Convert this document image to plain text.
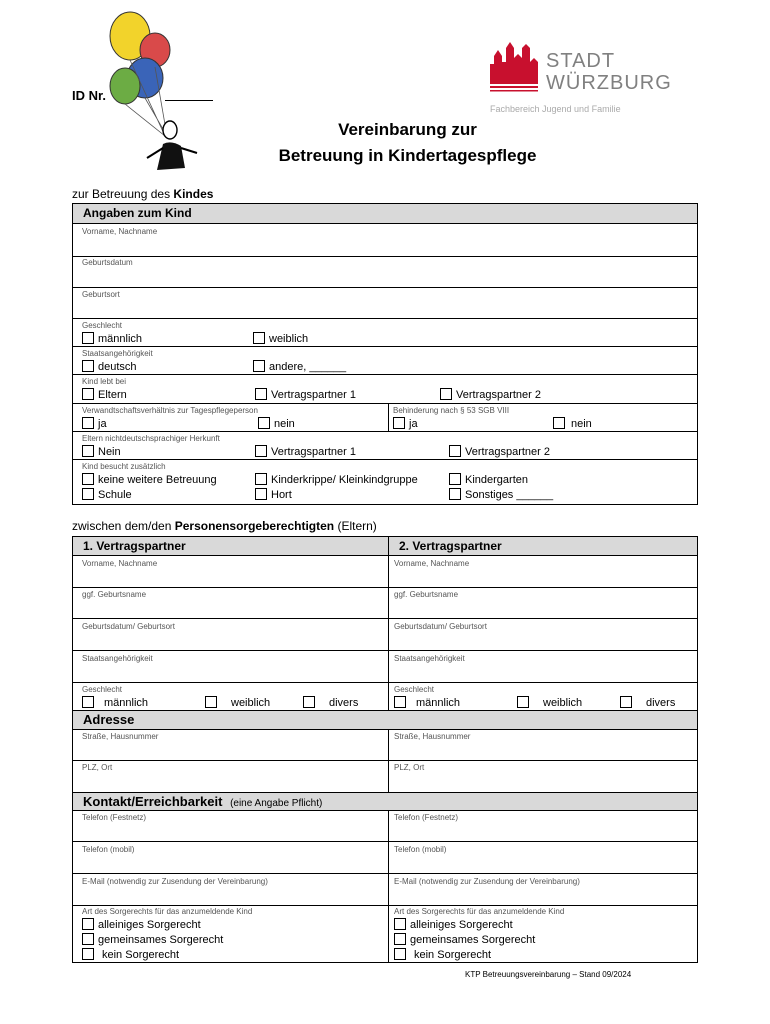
ID Nr.
STADT
WÜRZBURG
Fachbereich Jugend und Familie
Vereinbarung zur
Betreuung in Kindertagespflege
zur Betreuung des Kindes
Angaben zum Kind
Vorname, Nachname
Geburtsdatum
Geburtsort
Geschlecht
männlich	weiblich
Staatsangehörigkeit
deutsch	andere, ______
Kind lebt bei
Eltern	Vertragspartner 1	Vertragspartner 2
Verwandtschaftsverhältnis zur Tagespflegeperson	Behinderung nach § 53 SGB VIII
ja	nein	ja	nein
Eltern nichtdeutschsprachiger Herkunft
Nein	Vertragspartner 1	Vertragspartner 2
Kind besucht zusätzlich
keine weitere Betreuung	Kinderkrippe/ Kleinkindgruppe	Kindergarten
Schule	Hort	Sonstiges ______
zwischen dem/den Personensorgeberechtigten (Eltern)
1. Vertragspartner	2. Vertragspartner
Vorname, Nachname	Vorname, Nachname
ggf. Geburtsname	ggf. Geburtsname
Geburtsdatum/ Geburtsort	Geburtsdatum/ Geburtsort
Staatsangehörigkeit	Staatsangehörigkeit
Geschlecht	Geschlecht
männlich	weiblich	divers	männlich	weiblich	divers
Adresse
Straße, Hausnummer	Straße, Hausnummer
PLZ, Ort	PLZ, Ort
Kontakt/Erreichbarkeit (eine Angabe Pflicht)
Telefon (Festnetz)	Telefon (Festnetz)
Telefon (mobil)	Telefon (mobil)
E-Mail (notwendig zur Zusendung der Vereinbarung)	E-Mail (notwendig zur Zusendung der Vereinbarung)
Art des Sorgerechts für das anzumeldende Kind	Art des Sorgerechts für das anzumeldende Kind
alleiniges Sorgerecht
gemeinsames Sorgerecht
kein Sorgerecht
alleiniges Sorgerecht
gemeinsames Sorgerecht
kein Sorgerecht
KTP Betreuungsvereinbarung – Stand 09/2024
